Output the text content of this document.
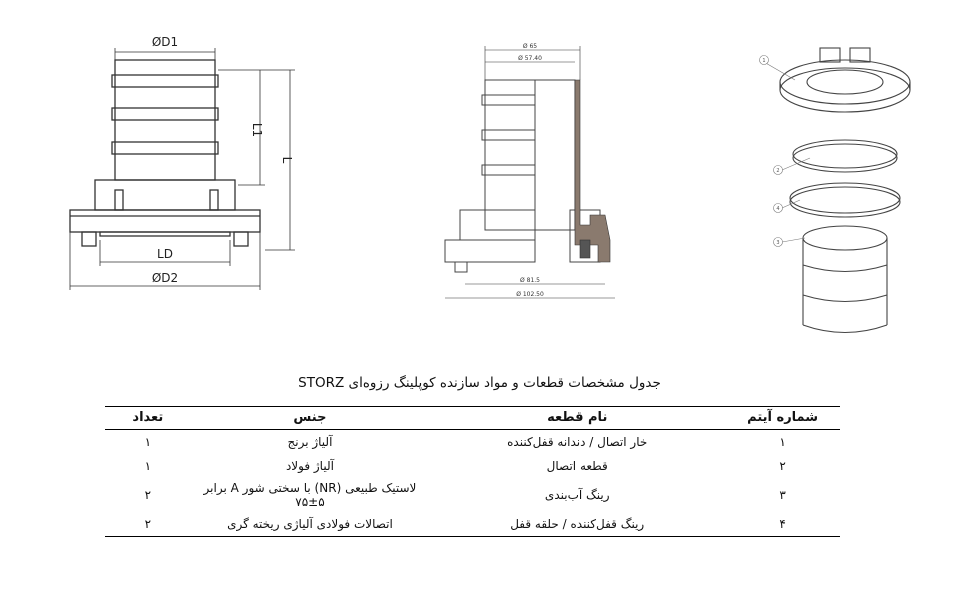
ØD1
L1
L
LD
ØD2
Ø 65
Ø 57.40
Ø 81.5
Ø 102.50
1
2
4
3
جدول مشخصات قطعات و مواد سازنده کوپلینگ رزوه‌ای STORZ
شماره آیتم	نام قطعه	جنس	تعداد
۱	خار اتصال / دندانه قفل‌کننده	آلیاژ برنج	۱
۲	قطعه اتصال	آلیاژ فولاد	۱
۳	رینگ آب‌بندی	لاستیک طبیعی (NR) با سختی شور A برابر ۵±۷۵	۲
۴	رینگ قفل‌کننده / حلقه قفل	اتصالات فولادی آلیاژی ریخته گری	۲
